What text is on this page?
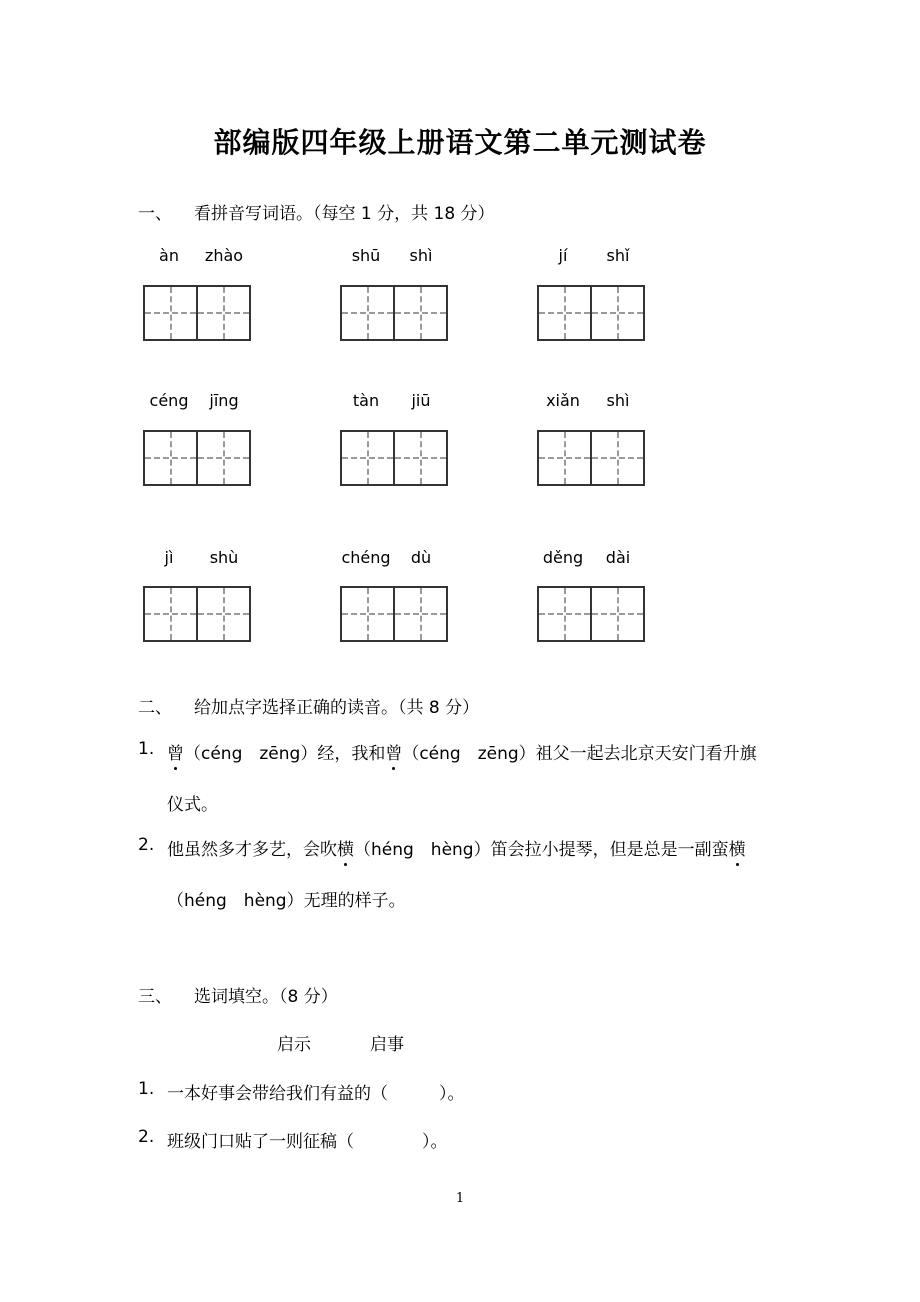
部编版四年级上册语文第二单元测试卷
一、 看拼音写词语。（每空 1 分，共 18 分）
àn zhào	shū shì	jí shǐ
céng jīng	tàn jiū	xiǎn shì
jì shù	chéng dù	děng dài
二、 给加点字选择正确的读音。（共 8 分）
1. 曾（céng　zēng）经，我和曾（céng　zēng）祖父一起去北京天安门看升旗
仪式。
2. 他虽然多才多艺，会吹横（héng　hèng）笛会拉小提琴，但是总是一副蛮横
（héng　hèng）无理的样子。
三、 选词填空。（8 分）
启示	启事
1. 一本好事会带给我们有益的（　　　）。
2. 班级门口贴了一则征稿（　　　　）。
1
